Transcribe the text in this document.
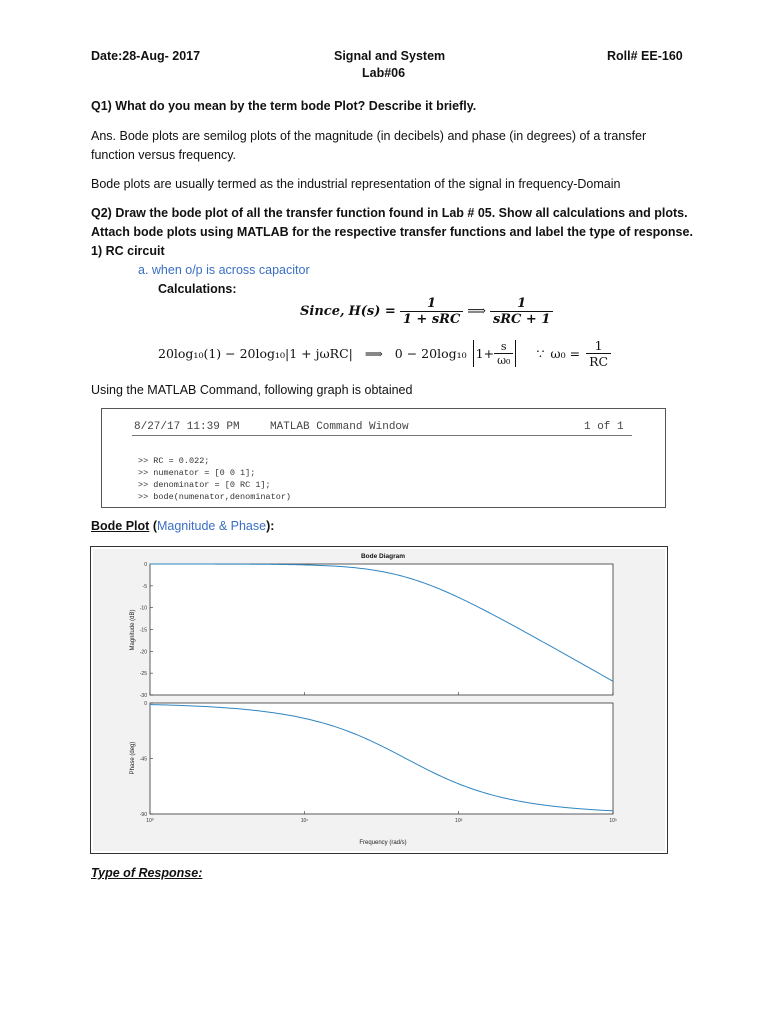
Date:28-Aug- 2017	Signal and System
Lab#06
Roll# EE-160
Q1) What do you mean by the term bode Plot? Describe it briefly.
Ans. Bode plots are semilog plots of the magnitude (in decibels) and phase (in degrees) of a transfer
function versus frequency.
Bode plots are usually termed as the industrial representation of the signal in frequency-Domain
Q2) Draw the bode plot of all the transfer function found in Lab # 05. Show all calculations and plots.
Attach bode plots using MATLAB for the respective transfer functions and label the type of response.
1) RC circuit
a. when o/p is across capacitor
Calculations:
Since, $H(s) = \frac{1}{\text{1 + sRC}}$ ⟹ $\frac{1}{\text{sRC + 1}}$
20log₁₀(1) − 20log₁₀|1 + jωRC| ⟹ 0 − 20log₁₀ $1+ \frac{s}{\text{ω₀}}$ ∵ $\omega_0 = \frac{1}{RC}$
Using the MATLAB Command, following graph is obtained
8/27/17 11:39 PM	MATLAB Command Window	1 of 1
>> RC = 0.022;
>> numenator = [0 0 1];
>> denominator = [0 RC 1];
>> bode(numenator,denominator)
Bode Plot (Magnitude & Phase):
Bode Diagram
0
-5
-10
-15
-20
-25
-30
10⁰	10¹	10²	10³
0
-45
-90
Magnitude (dB)
Phase (deg)
Frequency (rad/s)
Type of Response:
